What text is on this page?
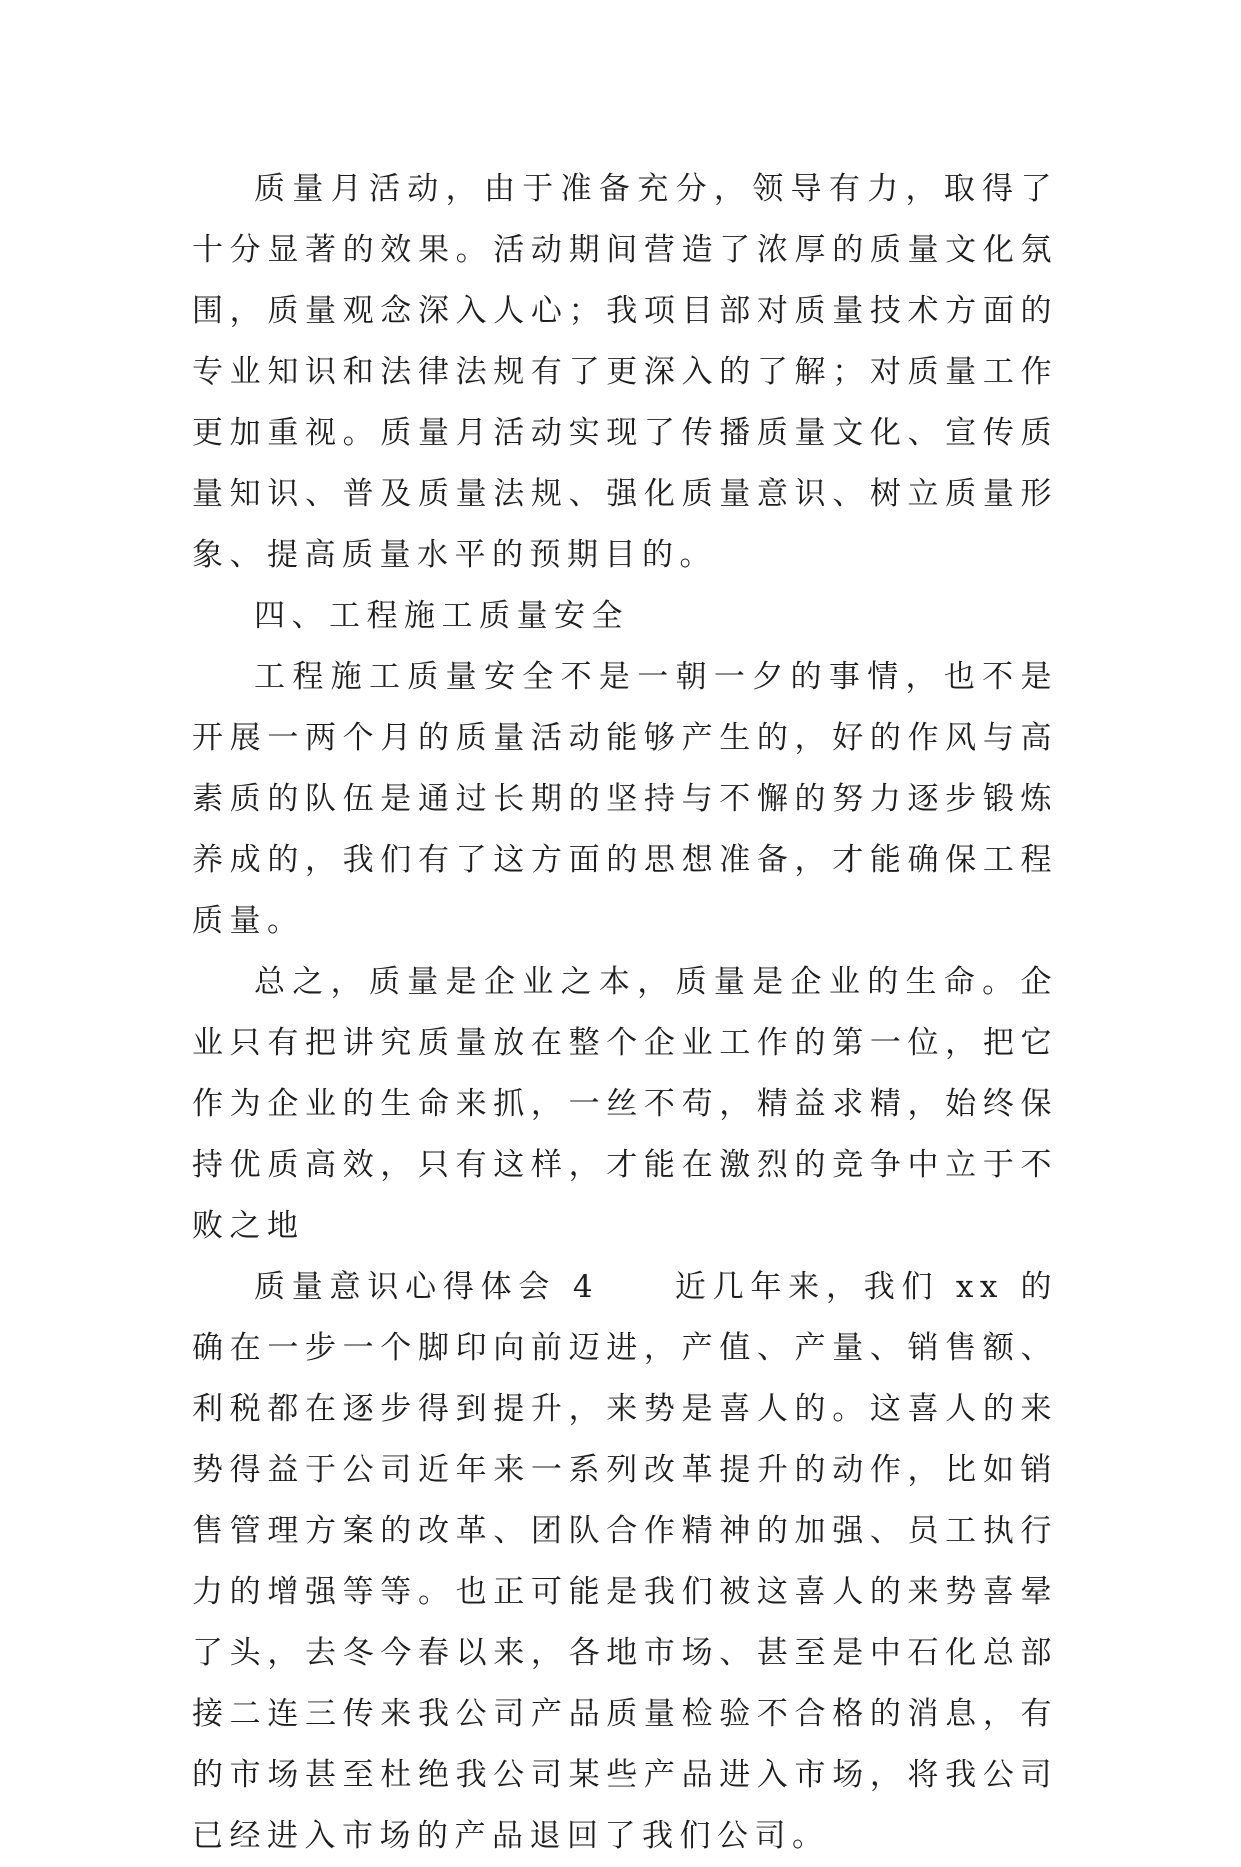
质量月活动，由于准备充分，领导有力，取得了十分显著的效果。活动期间营造了浓厚的质量文化氛围，质量观念深入人心；我项目部对质量技术方面的专业知识和法律法规有了更深入的了解；对质量工作更加重视。质量月活动实现了传播质量文化、宣传质量知识、普及质量法规、强化质量意识、树立质量形象、提高质量水平的预期目的。

四、工程施工质量安全

工程施工质量安全不是一朝一夕的事情，也不是开展一两个月的质量活动能够产生的，好的作风与高素质的队伍是通过长期的坚持与不懈的努力逐步锻炼养成的，我们有了这方面的思想准备，才能确保工程质量。

总之，质量是企业之本，质量是企业的生命。企业只有把讲究质量放在整个企业工作的第一位，把它作为企业的生命来抓，一丝不苟，精益求精，始终保持优质高效，只有这样，才能在激烈的竞争中立于不败之地

质量意识心得体会 4　　近几年来，我们 xx 的确在一步一个脚印向前迈进，产值、产量、销售额、利税都在逐步得到提升，来势是喜人的。这喜人的来势得益于公司近年来一系列改革提升的动作，比如销售管理方案的改革、团队合作精神的加强、员工执行力的增强等等。也正可能是我们被这喜人的来势喜晕了头，去冬今春以来，各地市场、甚至是中石化总部接二连三传来我公司产品质量检验不合格的消息，有的市场甚至杜绝我公司某些产品进入市场，将我公司已经进入市场的产品退回了我们公司。
